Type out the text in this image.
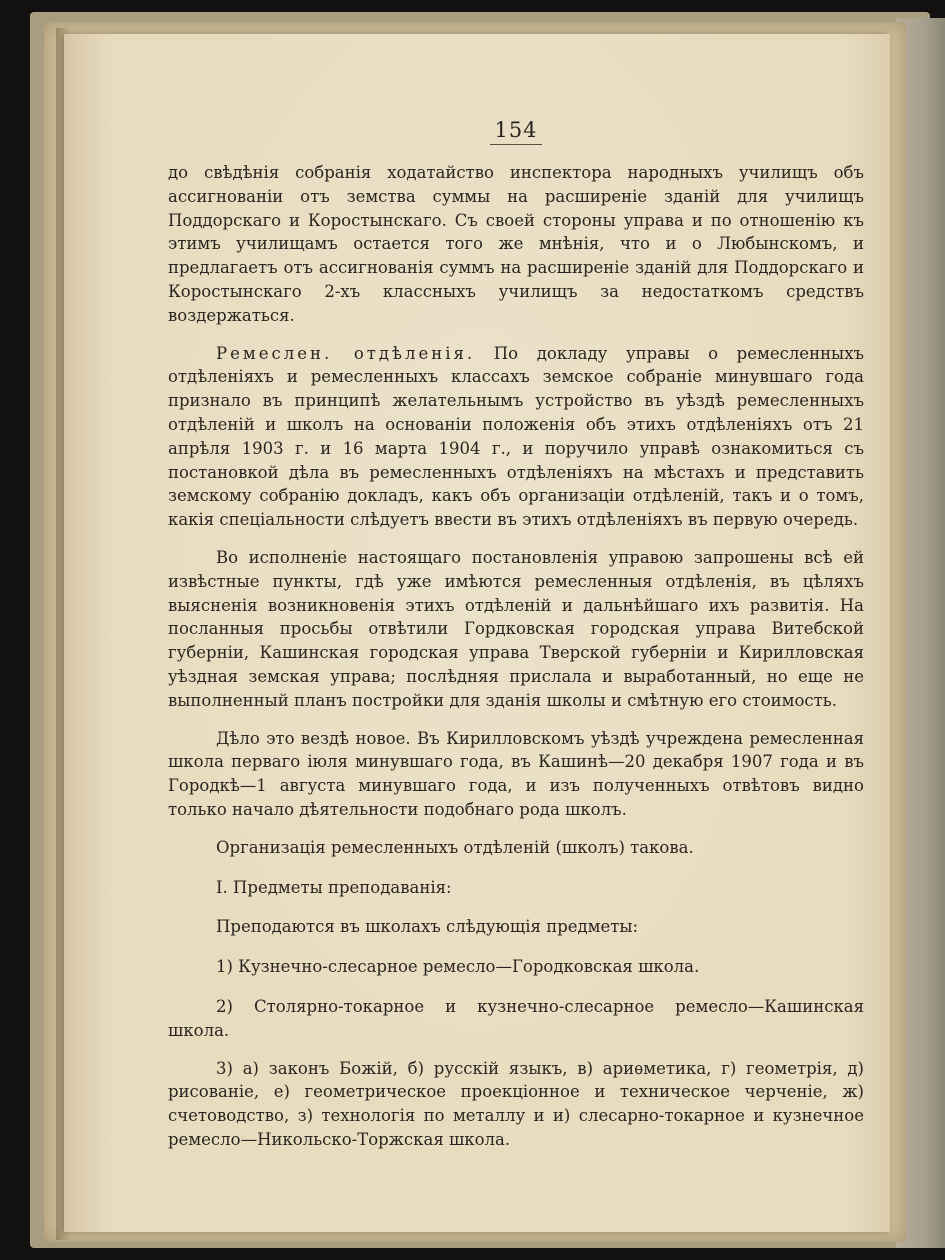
154

до свѣдѣнія собранія ходатайство инспектора народныхъ училищъ объ ассигнованіи отъ земства суммы на расширеніе зданій для училищъ Поддорскаго и Коростынскаго. Съ своей стороны управа и по отношенію къ этимъ училищамъ остается того же мнѣнія, что и о Любынскомъ, и предлагаетъ отъ ассигнованія суммъ на расширеніе зданій для Поддорскаго и Коростынскаго 2-хъ классныхъ училищъ за недостаткомъ средствъ воздержаться.

Ремеслен. отдѣленія. По докладу управы о ремесленныхъ отдѣленіяхъ и ремесленныхъ классахъ земское собраніе минувшаго года признало въ принципѣ желательнымъ устройство въ уѣздѣ ремесленныхъ отдѣленій и школъ на основаніи положенія объ этихъ отдѣленіяхъ отъ 21 апрѣля 1903 г. и 16 марта 1904 г., и поручило управѣ ознакомиться съ постановкой дѣла въ ремесленныхъ отдѣленіяхъ на мѣстахъ и представить земскому собранію докладъ, какъ объ организаціи отдѣленій, такъ и о томъ, какія спеціальности слѣдуетъ ввести въ этихъ отдѣленіяхъ въ первую очередь.

Во исполненіе настоящаго постановленія управою запрошены всѣ ей извѣстные пункты, гдѣ уже имѣются ремесленныя отдѣленія, въ цѣляхъ выясненія возникновенія этихъ отдѣленій и дальнѣйшаго ихъ развитія. На посланныя просьбы отвѣтили Гордковская городская управа Витебской губерніи, Кашинская городская управа Тверской губерніи и Кирилловская уѣздная земская управа; послѣдняя прислала и выработанный, но еще не выполненный планъ постройки для зданія школы и смѣтную его стоимость.

Дѣло это вездѣ новое. Въ Кирилловскомъ уѣздѣ учреждена ремесленная школа перваго іюля минувшаго года, въ Кашинѣ—20 декабря 1907 года и въ Городкѣ—1 августа минувшаго года, и изъ полученныхъ отвѣтовъ видно только начало дѣятельности подобнаго рода школъ.

Организація ремесленныхъ отдѣленій (школъ) такова.

I. Предметы преподаванія:

Преподаются въ школахъ слѣдующія предметы:

1) Кузнечно-слесарное ремесло—Городковская школа.

2) Столярно-токарное и кузнечно-слесарное ремесло—Кашинская школа.

3) а) законъ Божій, б) русскій языкъ, в) ариѳметика, г) геометрія, д) рисованіе, е) геометрическое проекціонное и техническое черченіе, ж) счетоводство, з) технологія по металлу и и) слесарно-токарное и кузнечное ремесло—Никольско-Торжская школа.
